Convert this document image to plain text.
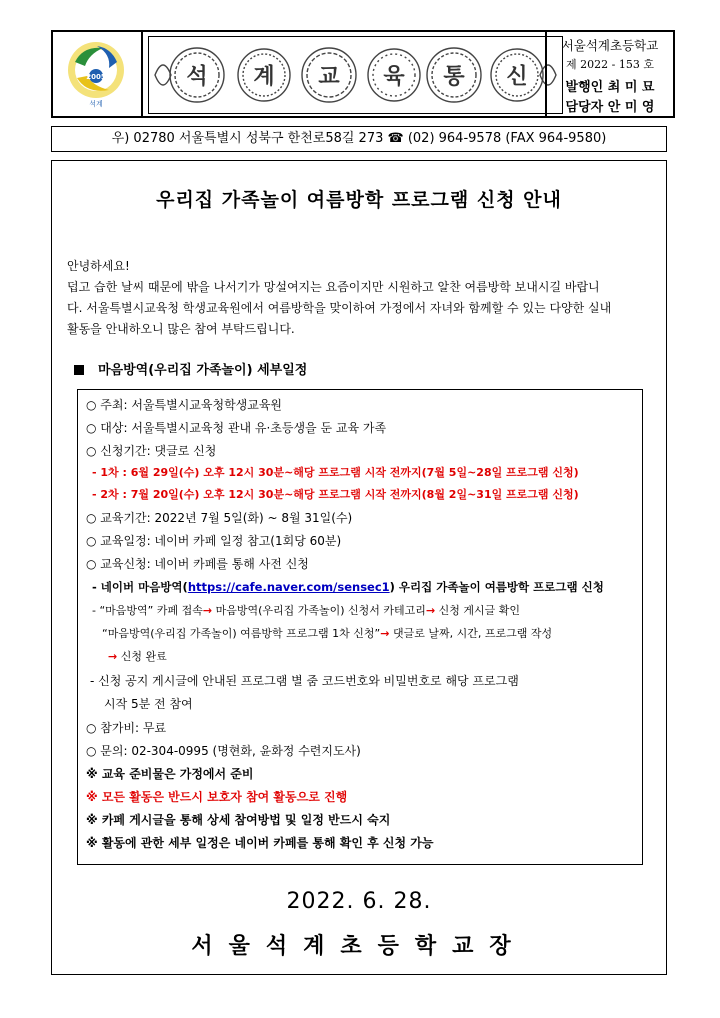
2005
석계
석 계 교 육 통 신
서울석계초등학교
제 2022 - 153 호
발행인 최 미 묘
담당자 안 미 영
우) 02780 서울특별시 성북구 한천로58길 273 ☎ (02) 964-9578 (FAX 964-9580)
우리집 가족놀이 여름방학 프로그램 신청 안내

안녕하세요!

덥고 습한 날씨 때문에 밖을 나서기가 망설여지는 요즘이지만 시원하고 알찬 여름방학 보내시길 바랍니

다. 서울특별시교육청 학생교육원에서 여름방학을 맞이하여 가정에서 자녀와 함께할 수 있는 다양한 실내

활동을 안내하오니 많은 참여 부탁드립니다.

마음방역(우리집 가족놀이) 세부일정
○ 주최: 서울특별시교육청학생교육원
○ 대상: 서울특별시교육청 관내 유·초등생을 둔 교육 가족
○ 신청기간: 댓글로 신청
- 1차 : 6월 29일(수) 오후 12시 30분~해당 프로그램 시작 전까지(7월 5일~28일 프로그램 신청)
- 2차 : 7월 20일(수) 오후 12시 30분~해당 프로그램 시작 전까지(8월 2일~31일 프로그램 신청)
○ 교육기간: 2022년 7월 5일(화) ~ 8월 31일(수)
○ 교육일정: 네이버 카페 일정 참고(1회당 60분)
○ 교육신청: 네이버 카페를 통해 사전 신청
- 네이버 마음방역(https://cafe.naver.com/sensec1) 우리집 가족놀이 여름방학 프로그램 신청
- “마음방역” 카페 접속→ 마음방역(우리집 가족놀이) 신청서 카테고리→ 신청 게시글 확인
“마음방역(우리집 가족놀이) 여름방학 프로그램 1차 신청”→ 댓글로 날짜, 시간, 프로그램 작성
→ 신청 완료
- 신청 공지 게시글에 안내된 프로그램 별 줌 코드번호와 비밀번호로 해당 프로그램
시작 5분 전 참여
○ 참가비: 무료
○ 문의: 02-304-0995 (명현화, 윤화정 수련지도사)
※ 교육 준비물은 가정에서 준비
※ 모든 활동은 반드시 보호자 참여 활동으로 진행
※ 카페 게시글을 통해 상세 참여방법 및 일정 반드시 숙지
※ 활동에 관한 세부 일정은 네이버 카페를 통해 확인 후 신청 가능
2022. 6. 28.
서울석계초등학교장
